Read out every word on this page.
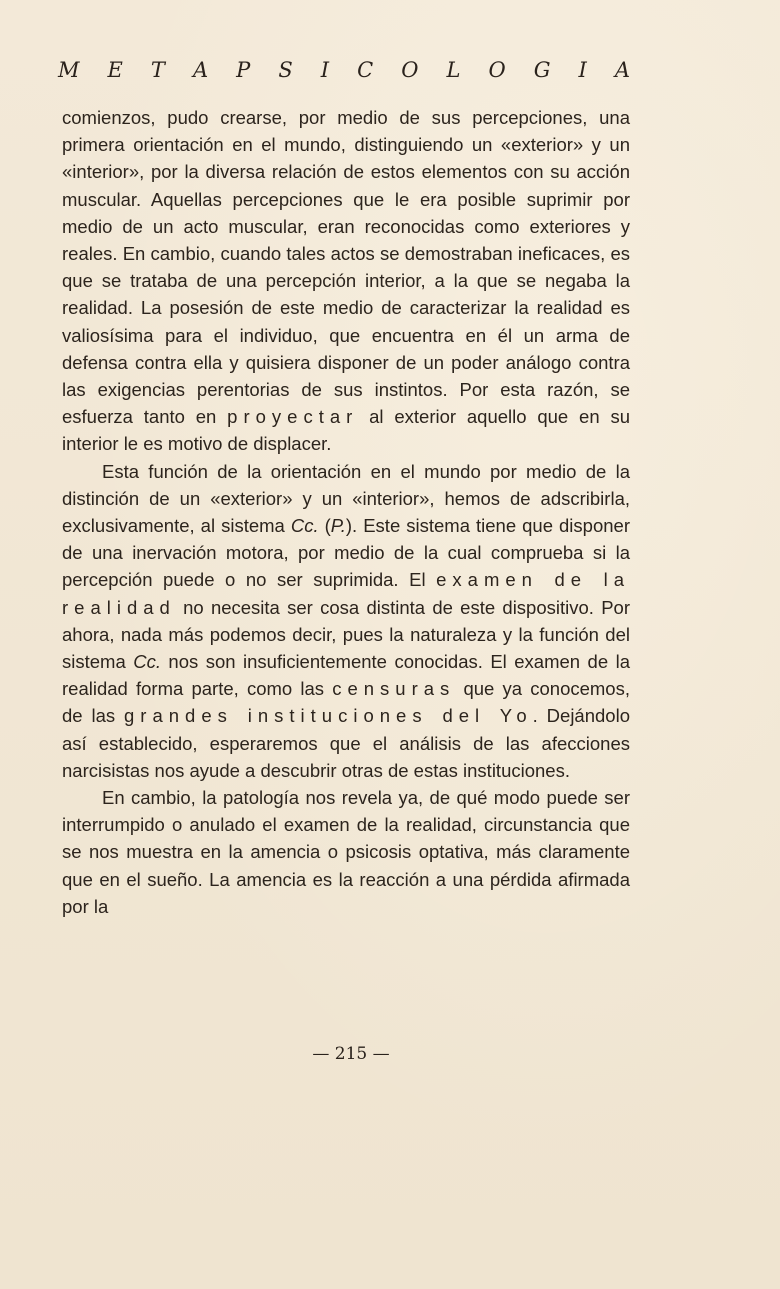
M E T A P S I C O L O G I A

comienzos, pudo crearse, por medio de sus percepciones, una primera orientación en el mundo, distinguiendo un «exterior» y un «interior», por la diversa relación de estos elementos con su acción muscular. Aquellas percepciones que le era posible suprimir por medio de un acto muscular, eran reconocidas como exteriores y reales. En cambio, cuando tales actos se demostraban ineficaces, es que se trataba de una percepción interior, a la que se negaba la realidad. La posesión de este medio de caracterizar la realidad es valiosísima para el individuo, que encuentra en él un arma de defensa contra ella y quisiera disponer de un poder análogo contra las exigencias perentorias de sus instintos. Por esta razón, se esfuerza tanto en proyectar al exterior aquello que en su interior le es motivo de displacer.

Esta función de la orientación en el mundo por medio de la distinción de un «exterior» y un «interior», hemos de adscribirla, exclusivamente, al sistema Cc. (P.). Este sistema tiene que disponer de una inervación motora, por medio de la cual comprueba si la percepción puede o no ser suprimida. El examen de la realidad no necesita ser cosa distinta de este dispositivo. Por ahora, nada más podemos decir, pues la naturaleza y la función del sistema Cc. nos son insuficientemente conocidas. El examen de la realidad forma parte, como las censuras que ya conocemos, de las grandes instituciones del Yo. Dejándolo así establecido, esperaremos que el análisis de las afecciones narcisistas nos ayude a descubrir otras de estas instituciones.

En cambio, la patología nos revela ya, de qué modo puede ser interrumpido o anulado el examen de la realidad, circunstancia que se nos muestra en la amencia o psicosis optativa, más claramente que en el sueño. La amencia es la reacción a una pérdida afirmada por la

— 215 —
